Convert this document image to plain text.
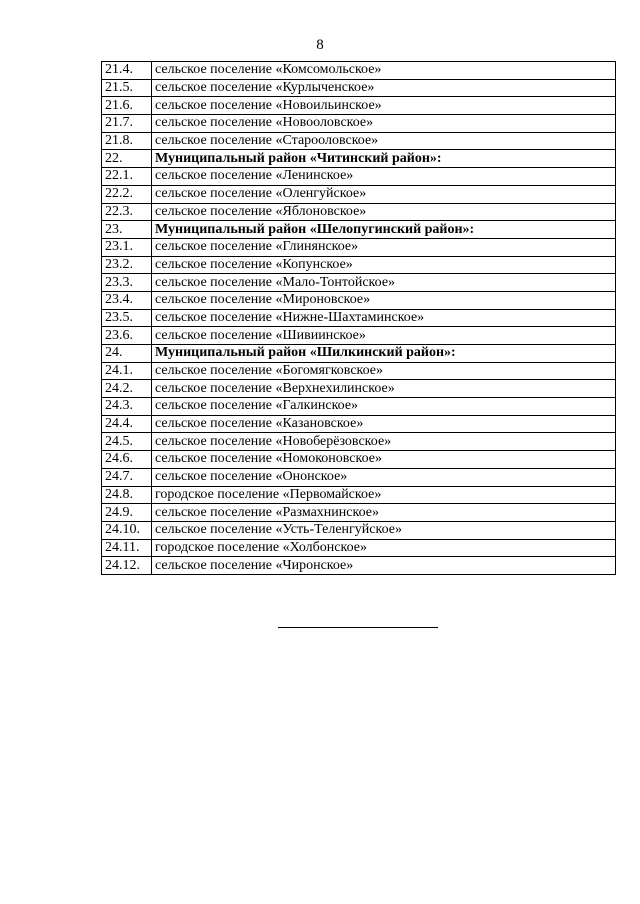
8
21.4.	сельское поселение «Комсомольское»
21.5.	сельское поселение «Курлыченское»
21.6.	сельское поселение «Новоильинское»
21.7.	сельское поселение «Новооловское»
21.8.	сельское поселение «Старооловское»
22.	Муниципальный район «Читинский район»:
22.1.	сельское поселение «Ленинское»
22.2.	сельское поселение «Оленгуйское»
22.3.	сельское поселение «Яблоновское»
23.	Муниципальный район «Шелопугинский район»:
23.1.	сельское поселение «Глинянское»
23.2.	сельское поселение «Копунское»
23.3.	сельское поселение «Мало-Тонтойское»
23.4.	сельское поселение «Мироновское»
23.5.	сельское поселение «Нижне-Шахтаминское»
23.6.	сельское поселение «Шивиинское»
24.	Муниципальный район «Шилкинский район»:
24.1.	сельское поселение «Богомягковское»
24.2.	сельское поселение «Верхнехилинское»
24.3.	сельское поселение «Галкинское»
24.4.	сельское поселение «Казановское»
24.5.	сельское поселение «Новоберёзовское»
24.6.	сельское поселение «Номоконовское»
24.7.	сельское поселение «Ононское»
24.8.	городское поселение «Первомайское»
24.9.	сельское поселение «Размахнинское»
24.10.	сельское поселение «Усть-Теленгуйское»
24.11.	городское поселение «Холбонское»
24.12.	сельское поселение «Чиронское»
